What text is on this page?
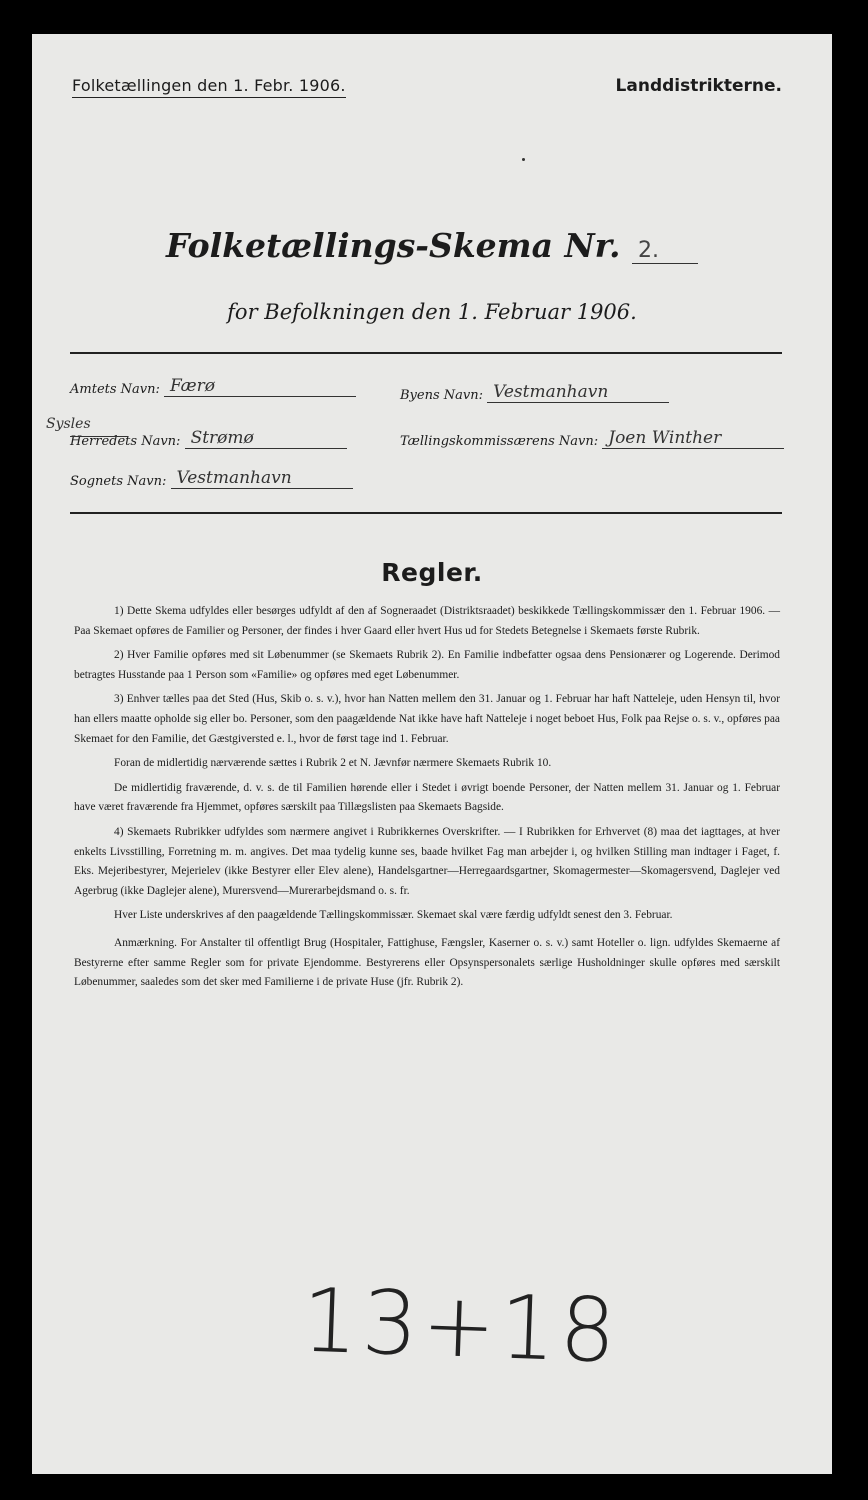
Folketællingen den 1. Febr. 1906.	Landdistrikterne.
Folketællings-Skema Nr. 2.
for Befolkningen den 1. Februar 1906.
Amtets Navn: Færø
Sysles
Herredets Navn: Strømø
Sognets Navn: Vestmanhavn
Byens Navn: Vestmanhavn
Tællingskommissærens Navn: Joen Winther
Regler.

1) Dette Skema udfyldes eller besørges udfyldt af den af Sogneraadet (Distriktsraadet) beskikkede Tællingskommissær den 1. Februar 1906. — Paa Skemaet opføres de Familier og Personer, der findes i hver Gaard eller hvert Hus ud for Stedets Betegnelse i Skemaets første Rubrik.

2) Hver Familie opføres med sit Løbenummer (se Skemaets Rubrik 2). En Familie indbefatter ogsaa dens Pensionærer og Logerende. Derimod betragtes Husstande paa 1 Person som «Familie» og opføres med eget Løbenummer.

3) Enhver tælles paa det Sted (Hus, Skib o. s. v.), hvor han Natten mellem den 31. Januar og 1. Februar har haft Natteleje, uden Hensyn til, hvor han ellers maatte opholde sig eller bo. Personer, som den paagældende Nat ikke have haft Natteleje i noget beboet Hus, Folk paa Rejse o. s. v., opføres paa Skemaet for den Familie, det Gæstgiversted e. l., hvor de først tage ind 1. Februar.

Foran de midlertidig nærværende sættes i Rubrik 2 et N. Jævnfør nærmere Skemaets Rubrik 10.

De midlertidig fraværende, d. v. s. de til Familien hørende eller i Stedet i øvrigt boende Personer, der Natten mellem 31. Januar og 1. Februar have været fraværende fra Hjemmet, opføres særskilt paa Tillægslisten paa Skemaets Bagside.

4) Skemaets Rubrikker udfyldes som nærmere angivet i Rubrikkernes Overskrifter. — I Rubrikken for Erhvervet (8) maa det iagttages, at hver enkelts Livsstilling, Forretning m. m. angives. Det maa tydelig kunne ses, baade hvilket Fag man arbejder i, og hvilken Stilling man indtager i Faget, f. Eks. Mejeribestyrer, Mejerielev (ikke Bestyrer eller Elev alene), Handelsgartner—Herregaardsgartner, Skomagermester—Skomagersvend, Daglejer ved Agerbrug (ikke Daglejer alene), Murersvend—Murerarbejdsmand o. s. fr.

Hver Liste underskrives af den paagældende Tællingskommissær. Skemaet skal være færdig udfyldt senest den 3. Februar.

Anmærkning. For Anstalter til offentligt Brug (Hospitaler, Fattighuse, Fængsler, Kaserner o. s. v.) samt Hoteller o. lign. udfyldes Skemaerne af Bestyrerne efter samme Regler som for private Ejendomme. Bestyrerens eller Opsynspersonalets særlige Husholdninger skulle opføres med særskilt Løbenummer, saaledes som det sker med Familierne i de private Huse (jfr. Rubrik 2).

13+18
